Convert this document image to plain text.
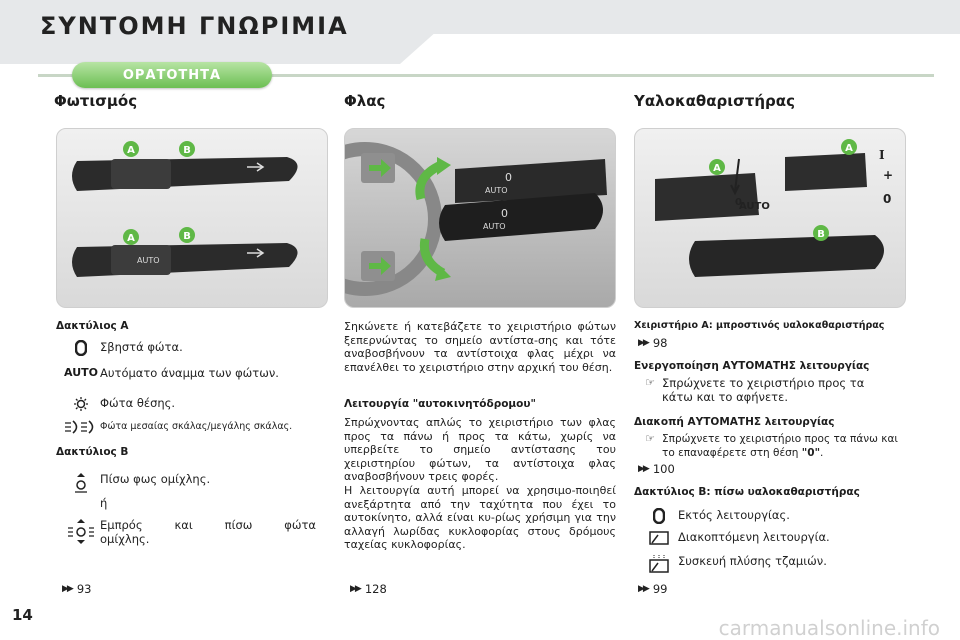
ΣΥΝΤΟΜΗ ΓΝΩΡΙΜΙΑ
ΟΡΑΤΟΤΗΤΑ
Φωτισμός
A	B
AUTO
A	B
Δακτύλιος A
Σβηστά φώτα.
AUTO Αυτόματο άναμμα των φώτων.
Φώτα θέσης.
Φώτα μεσαίας σκάλας/μεγάλης σκάλας.
Δακτύλιος B
Πίσω φως ομίχλης.
ή
Εμπρός και πίσω φώτα ομίχλης.
▶▶ 93
Φλας
0
AUTO
0
AUTO
Σηκώνετε ή κατεβάζετε το χειριστήριο φώτων ξεπερνώντας το σημείο αντίστα-σης και τότε αναβοσβήνουν τα αντίστοιχα φλας μέχρι να επανέλθει το χειριστήριο στην αρχική του θέση.
Λειτουργία "αυτοκινητόδρομου"
Σπρώχνοντας απλώς το χειριστήριο των φλας προς τα πάνω ή προς τα κάτω, χωρίς να υπερβείτε το σημείο αντίστασης του χειριστηρίου φώτων, τα αντίστοιχα φλας αναβοσβήνουν τρεις φορές.
Η λειτουργία αυτή μπορεί να χρησιμο-ποιηθεί ανεξάρτητα από την ταχύτητα που έχει το αυτοκίνητο, αλλά είναι κυ-ρίως χρήσιμη για την αλλαγή λωρίδας κυκλοφορίας στους δρόμους ταχείας κυκλοφορίας.
▶▶ 128
Υαλοκαθαριστήρας
A
0
AUTO
A I
+
0
B
Χειριστήριο A: μπροστινός υαλοκαθαριστήρας
▶▶ 98
Ενεργοποίηση ΑΥΤΟΜΑΤΗΣ λειτουργίας
☞ Σπρώχνετε το χειριστήριο προς τα κάτω και το αφήνετε.
Διακοπή ΑΥΤΟΜΑΤΗΣ λειτουργίας
☞ Σπρώχνετε το χειριστήριο προς τα πάνω και το επαναφέρετε στη θέση "0".
▶▶ 100
Δακτύλιος B: πίσω υαλοκαθαριστήρας
Εκτός λειτουργίας.
Διακοπτόμενη λειτουργία.
Συσκευή πλύσης τζαμιών.
▶▶ 99
14
carmanualsonline.info
